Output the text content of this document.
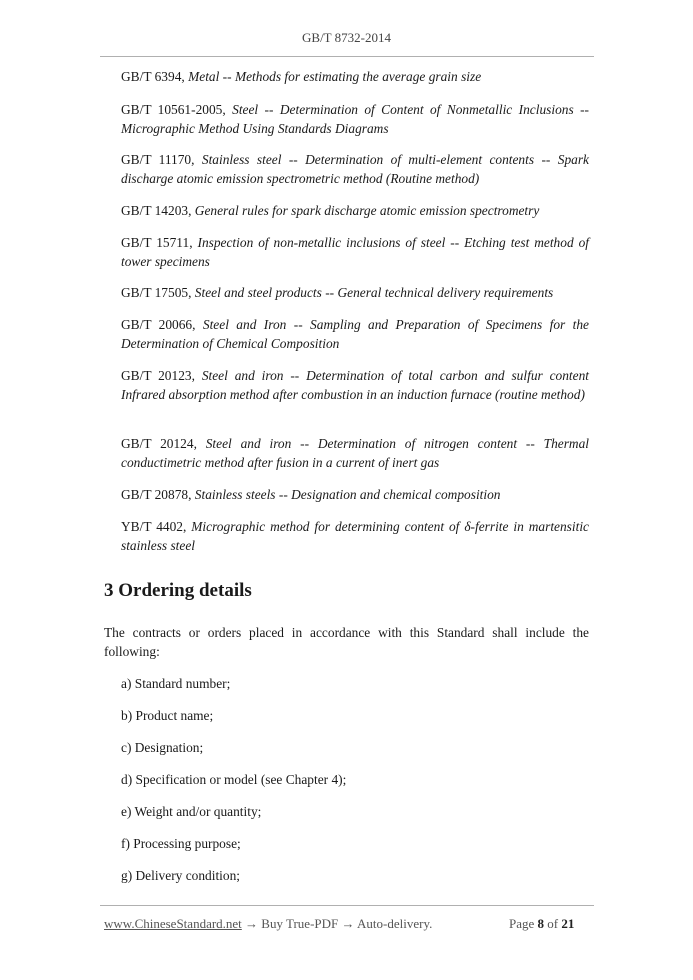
GB/T 8732-2014

GB/T 6394, Metal -- Methods for estimating the average grain size

GB/T 10561-2005, Steel -- Determination of Content of Nonmetallic Inclusions -- Micrographic Method Using Standards Diagrams

GB/T 11170, Stainless steel -- Determination of multi-element contents -- Spark discharge atomic emission spectrometric method (Routine method)

GB/T 14203, General rules for spark discharge atomic emission spectrometry

GB/T 15711, Inspection of non-metallic inclusions of steel -- Etching test method of tower specimens

GB/T 17505, Steel and steel products -- General technical delivery requirements

GB/T 20066, Steel and Iron -- Sampling and Preparation of Specimens for the Determination of Chemical Composition

GB/T 20123, Steel and iron -- Determination of total carbon and sulfur content Infrared absorption method after combustion in an induction furnace (routine method)

GB/T 20124, Steel and iron -- Determination of nitrogen content -- Thermal conductimetric method after fusion in a current of inert gas

GB/T 20878, Stainless steels -- Designation and chemical composition

YB/T 4402, Micrographic method for determining content of δ-ferrite in martensitic stainless steel

3 Ordering details

The contracts or orders placed in accordance with this Standard shall include the following:

a) Standard number;
b) Product name;
c) Designation;
d) Specification or model (see Chapter 4);
e) Weight and/or quantity;
f) Processing purpose;
g) Delivery condition;
www.ChineseStandard.net → Buy True-PDF → Auto-delivery.	Page 8 of 21
